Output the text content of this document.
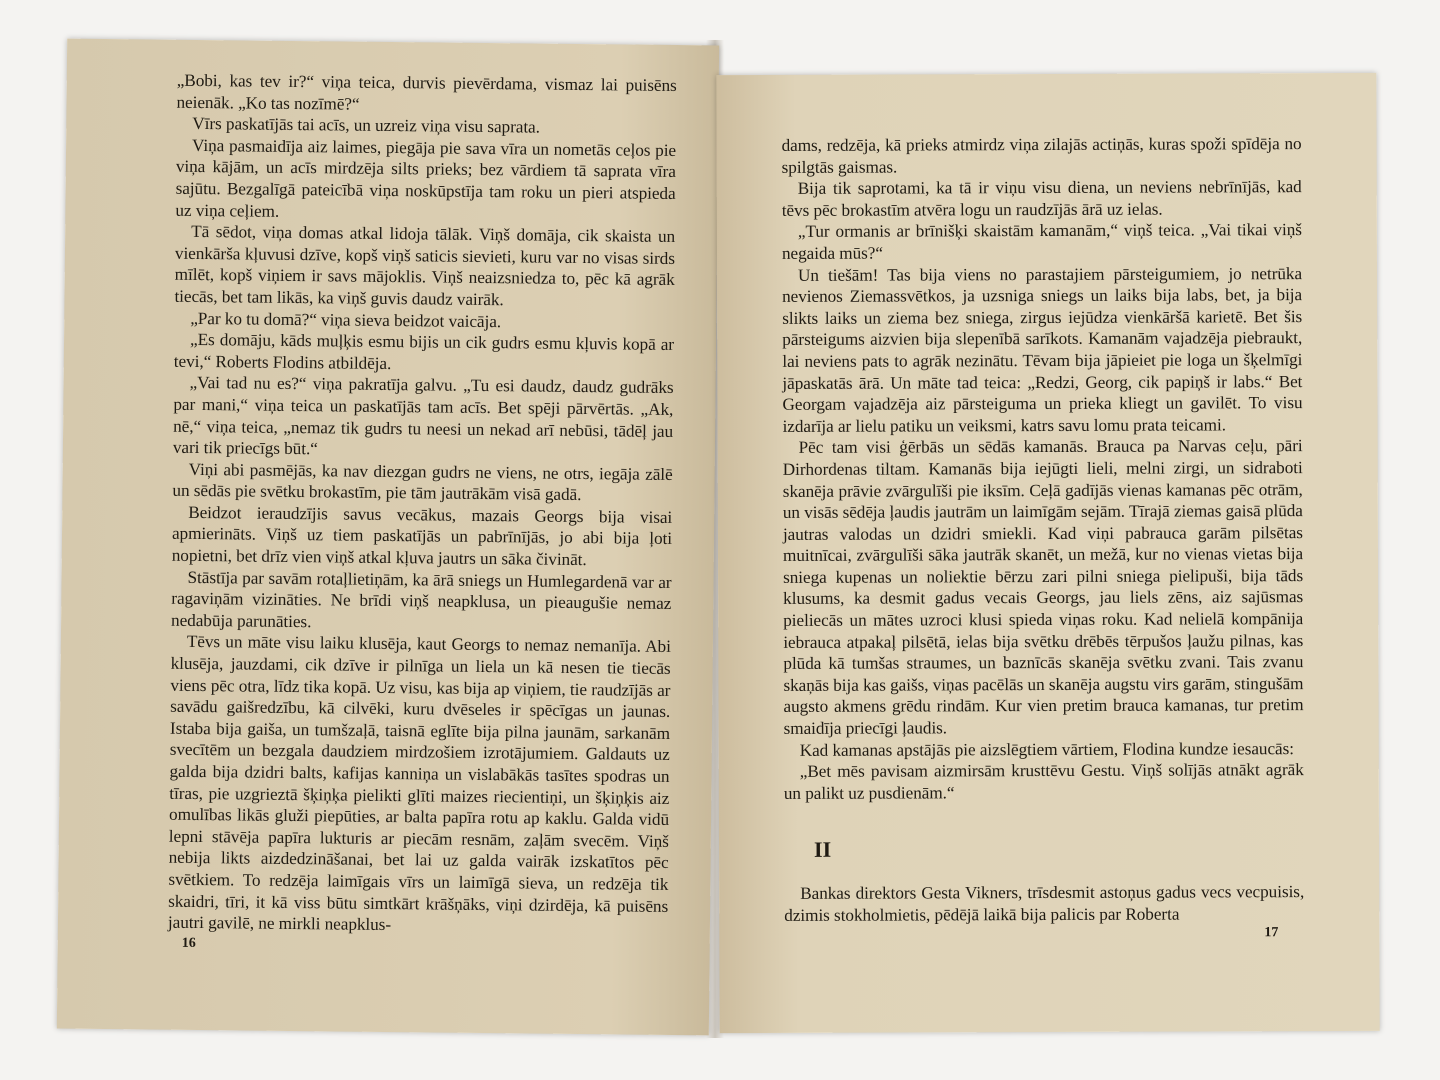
„Bobi, kas tev ir?“ viņa teica, durvis pievērdama, vismaz lai puisēns neienāk. „Ko tas nozīmē?“

Vīrs paskatījās tai acīs, un uzreiz viņa visu saprata.

Viņa pasmaidīja aiz laimes, piegāja pie sava vīra un nometās ceļos pie viņa kājām, un acīs mirdzēja silts prieks; bez vārdiem tā saprata vīra sajūtu. Bezgalīgā pateicībā viņa noskūpstīja tam roku un pieri atspieda uz viņa ceļiem.

Tā sēdot, viņa domas atkal lidoja tālāk. Viņš domāja, cik skaista un vienkārša kļuvusi dzīve, kopš viņš saticis sievieti, kuru var no visas sirds mīlēt, kopš viņiem ir savs mājoklis. Viņš neaizsniedza to, pēc kā agrāk tiecās, bet tam likās, ka viņš guvis daudz vairāk.

„Par ko tu domā?“ viņa sieva beidzot vaicāja.

„Es domāju, kāds muļķis esmu bijis un cik gudrs esmu kļuvis kopā ar tevi,“ Roberts Flodins atbildēja.

„Vai tad nu es?“ viņa pakratīja galvu. „Tu esi daudz, daudz gudrāks par mani,“ viņa teica un paskatījās tam acīs. Bet spēji pārvērtās. „Ak, nē,“ viņa teica, „nemaz tik gudrs tu neesi un nekad arī nebūsi, tādēļ jau vari tik priecīgs būt.“

Viņi abi pasmējās, ka nav diezgan gudrs ne viens, ne otrs, iegāja zālē un sēdās pie svētku brokastīm, pie tām jautrākām visā gadā.

Beidzot ieraudzījis savus vecākus, mazais Georgs bija visai apmierināts. Viņš uz tiem paskatījās un pabrīnījās, jo abi bija ļoti nopietni, bet drīz vien viņš atkal kļuva jautrs un sāka čivināt.

Stāstīja par savām rotaļlietiņām, ka ārā sniegs un Humlegardenā var ar ragaviņām vizināties. Ne brīdi viņš neapklusa, un pieaugušie nemaz nedabūja parunāties.

Tēvs un māte visu laiku klusēja, kaut Georgs to nemaz nemanīja. Abi klusēja, jauzdami, cik dzīve ir pilnīga un liela un kā nesen tie tiecās viens pēc otra, līdz tika kopā. Uz visu, kas bija ap viņiem, tie raudzījās ar savādu gaišredzību, kā cilvēki, kuru dvēseles ir spēcīgas un jaunas. Istaba bija gaiša, un tumšzaļā, taisnā eglīte bija pilna jaunām, sarkanām svecītēm un bezgala daudziem mirdzošiem izrotājumiem. Galdauts uz galda bija dzidri balts, kafijas kanniņa un vislabākās tasītes spodras un tīras, pie uzgrieztā šķiņķa pielikti glīti maizes riecientiņi, un šķiņķis aiz omulības likās gluži piepūties, ar balta papīra rotu ap kaklu. Galda vidū lepni stāvēja papīra lukturis ar piecām resnām, zaļām svecēm. Viņš nebija likts aizdedzināšanai, bet lai uz galda vairāk izskatītos pēc svētkiem. To redzēja laimīgais vīrs un laimīgā sieva, un redzēja tik skaidri, tīri, it kā viss būtu simtkārt krāšņāks, viņi dzirdēja, kā puisēns jautri gavilē, ne mirkli neapklus-

16

dams, redzēja, kā prieks atmirdz viņa zilajās actiņās, kuras spoži spīdēja no spilgtās gaismas.

Bija tik saprotami, ka tā ir viņu visu diena, un neviens nebrīnījās, kad tēvs pēc brokastīm atvēra logu un raudzījās ārā uz ielas.

„Tur ormanis ar brīnišķi skaistām kamanām,“ viņš teica. „Vai tikai viņš negaida mūs?“

Un tiešām! Tas bija viens no parastajiem pārsteigumiem, jo netrūka nevienos Ziemassvētkos, ja uzsniga sniegs un laiks bija labs, bet, ja bija slikts laiks un ziema bez sniega, zirgus iejūdza vienkāršā karietē. Bet šis pārsteigums aizvien bija slepenībā sarīkots. Kamanām vajadzēja piebraukt, lai neviens pats to agrāk nezinātu. Tēvam bija jāpieiet pie loga un šķelmīgi jāpaskatās ārā. Un māte tad teica: „Redzi, Georg, cik papiņš ir labs.“ Bet Georgam vajadzēja aiz pārsteiguma un prieka kliegt un gavilēt. To visu izdarīja ar lielu patiku un veiksmi, katrs savu lomu prata teicami.

Pēc tam visi ģērbās un sēdās kamanās. Brauca pa Narvas ceļu, pāri Dirhordenas tiltam. Kamanās bija iejūgti lieli, melni zirgi, un sidraboti skanēja prāvie zvārgulīši pie iksīm. Ceļā gadījās vienas kamanas pēc otrām, un visās sēdēja ļaudis jautrām un laimīgām sejām. Tīrajā ziemas gaisā plūda jautras valodas un dzidri smiekli. Kad viņi pabrauca garām pilsētas muitnīcai, zvārgulīši sāka jautrāk skanēt, un mežā, kur no vienas vietas bija sniega kupenas un noliektie bērzu zari pilni sniega pielipuši, bija tāds klusums, ka desmit gadus vecais Georgs, jau liels zēns, aiz sajūsmas pieliecās un mātes uzroci klusi spieda viņas roku. Kad nelielā kompānija iebrauca atpakaļ pilsētā, ielas bija svētku drēbēs tērpušos ļaužu pilnas, kas plūda kā tumšas straumes, un baznīcās skanēja svētku zvani. Tais zvanu skaņās bija kas gaišs, viņas pacēlās un skanēja augstu virs garām, stingušām augsto akmens grēdu rindām. Kur vien pretim brauca kamanas, tur pretim smaidīja priecīgi ļaudis.

Kad kamanas apstājās pie aizslēgtiem vārtiem, Flodina kundze iesaucās:

„Bet mēs pavisam aizmirsām krusttēvu Gestu. Viņš solījās atnākt agrāk un palikt uz pusdienām.“

II

Bankas direktors Gesta Vikners, trīsdesmit astoņus gadus vecs vecpuisis, dzimis stokholmietis, pēdējā laikā bija palicis par Roberta

17
